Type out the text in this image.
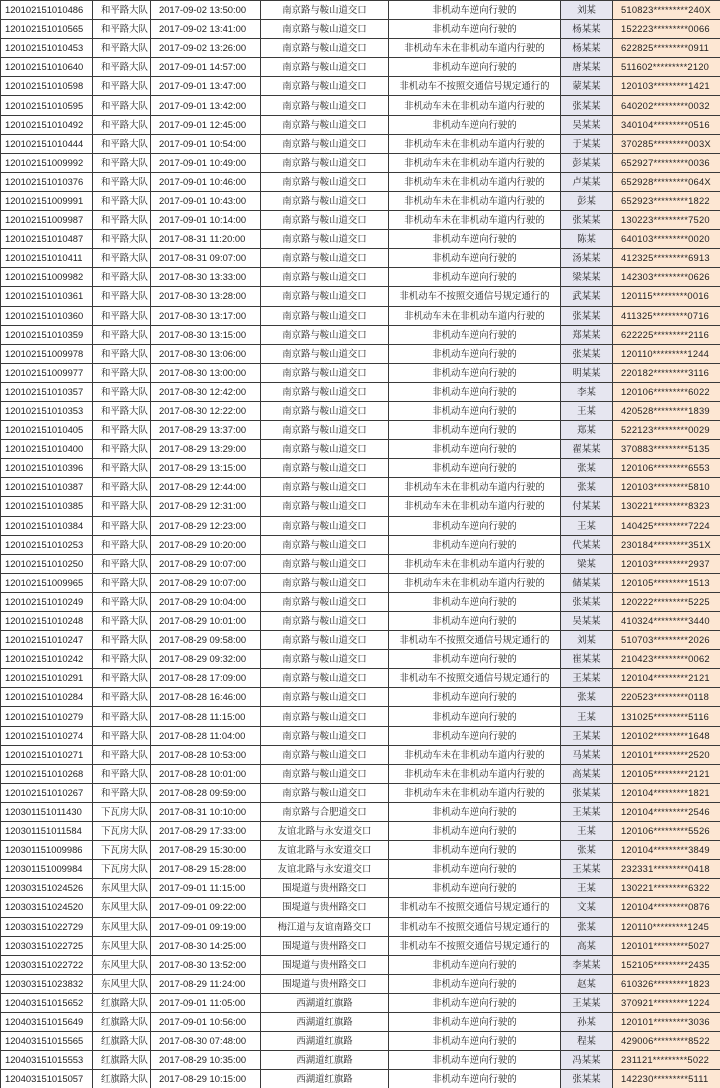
120102151010486	和平路大队	2017-09-02 13:50:00	南京路与鞍山道交口	非机动车逆向行驶的	刘某	510823*********240X
120102151010565	和平路大队	2017-09-02 13:41:00	南京路与鞍山道交口	非机动车逆向行驶的	杨某某	152223*********0066
120102151010453	和平路大队	2017-09-02 13:26:00	南京路与鞍山道交口	非机动车未在非机动车道内行驶的	杨某某	622825*********0911
120102151010640	和平路大队	2017-09-01 14:57:00	南京路与鞍山道交口	非机动车逆向行驶的	唐某某	511602*********2120
120102151010598	和平路大队	2017-09-01 13:47:00	南京路与鞍山道交口	非机动车不按照交通信号规定通行的	蒙某某	120103*********1421
120102151010595	和平路大队	2017-09-01 13:42:00	南京路与鞍山道交口	非机动车未在非机动车道内行驶的	张某某	640202*********0032
120102151010492	和平路大队	2017-09-01 12:45:00	南京路与鞍山道交口	非机动车逆向行驶的	吴某某	340104*********0516
120102151010444	和平路大队	2017-09-01 10:54:00	南京路与鞍山道交口	非机动车未在非机动车道内行驶的	于某某	370285*********003X
120102151009992	和平路大队	2017-09-01 10:49:00	南京路与鞍山道交口	非机动车未在非机动车道内行驶的	彭某某	652927*********0036
120102151010376	和平路大队	2017-09-01 10:46:00	南京路与鞍山道交口	非机动车未在非机动车道内行驶的	卢某某	652928*********064X
120102151009991	和平路大队	2017-09-01 10:43:00	南京路与鞍山道交口	非机动车未在非机动车道内行驶的	彭某	652923*********1822
120102151009987	和平路大队	2017-09-01 10:14:00	南京路与鞍山道交口	非机动车未在非机动车道内行驶的	张某某	130223*********7520
120102151010487	和平路大队	2017-08-31 11:20:00	南京路与鞍山道交口	非机动车逆向行驶的	陈某	640103*********0020
120102151010411	和平路大队	2017-08-31 09:07:00	南京路与鞍山道交口	非机动车逆向行驶的	汤某某	412325*********6913
120102151009982	和平路大队	2017-08-30 13:33:00	南京路与鞍山道交口	非机动车逆向行驶的	梁某某	142303*********0626
120102151010361	和平路大队	2017-08-30 13:28:00	南京路与鞍山道交口	非机动车不按照交通信号规定通行的	武某某	120115*********0016
120102151010360	和平路大队	2017-08-30 13:17:00	南京路与鞍山道交口	非机动车未在非机动车道内行驶的	张某某	411325*********0716
120102151010359	和平路大队	2017-08-30 13:15:00	南京路与鞍山道交口	非机动车逆向行驶的	郑某某	622225*********2116
120102151009978	和平路大队	2017-08-30 13:06:00	南京路与鞍山道交口	非机动车逆向行驶的	张某某	120110*********1244
120102151009977	和平路大队	2017-08-30 13:00:00	南京路与鞍山道交口	非机动车逆向行驶的	明某某	220182*********3116
120102151010357	和平路大队	2017-08-30 12:42:00	南京路与鞍山道交口	非机动车逆向行驶的	李某	120106*********6022
120102151010353	和平路大队	2017-08-30 12:22:00	南京路与鞍山道交口	非机动车逆向行驶的	王某	420528*********1839
120102151010405	和平路大队	2017-08-29 13:37:00	南京路与鞍山道交口	非机动车逆向行驶的	郑某	522123*********0029
120102151010400	和平路大队	2017-08-29 13:29:00	南京路与鞍山道交口	非机动车逆向行驶的	翟某某	370883*********5135
120102151010396	和平路大队	2017-08-29 13:15:00	南京路与鞍山道交口	非机动车逆向行驶的	张某	120106*********6553
120102151010387	和平路大队	2017-08-29 12:44:00	南京路与鞍山道交口	非机动车未在非机动车道内行驶的	张某	120103*********5810
120102151010385	和平路大队	2017-08-29 12:31:00	南京路与鞍山道交口	非机动车未在非机动车道内行驶的	付某某	130221*********8323
120102151010384	和平路大队	2017-08-29 12:23:00	南京路与鞍山道交口	非机动车逆向行驶的	王某	140425*********7224
120102151010253	和平路大队	2017-08-29 10:20:00	南京路与鞍山道交口	非机动车逆向行驶的	代某某	230184*********351X
120102151010250	和平路大队	2017-08-29 10:07:00	南京路与鞍山道交口	非机动车未在非机动车道内行驶的	梁某	120103*********2937
120102151009965	和平路大队	2017-08-29 10:07:00	南京路与鞍山道交口	非机动车未在非机动车道内行驶的	储某某	120105*********1513
120102151010249	和平路大队	2017-08-29 10:04:00	南京路与鞍山道交口	非机动车逆向行驶的	张某某	120222*********5225
120102151010248	和平路大队	2017-08-29 10:01:00	南京路与鞍山道交口	非机动车逆向行驶的	吴某某	410324*********3440
120102151010247	和平路大队	2017-08-29 09:58:00	南京路与鞍山道交口	非机动车不按照交通信号规定通行的	刘某	510703*********2026
120102151010242	和平路大队	2017-08-29 09:32:00	南京路与鞍山道交口	非机动车逆向行驶的	崔某某	210423*********0062
120102151010291	和平路大队	2017-08-28 17:09:00	南京路与鞍山道交口	非机动车不按照交通信号规定通行的	王某某	120104*********2121
120102151010284	和平路大队	2017-08-28 16:46:00	南京路与鞍山道交口	非机动车逆向行驶的	张某	220523*********0118
120102151010279	和平路大队	2017-08-28 11:15:00	南京路与鞍山道交口	非机动车逆向行驶的	王某	131025*********5116
120102151010274	和平路大队	2017-08-28 11:04:00	南京路与鞍山道交口	非机动车逆向行驶的	王某某	120102*********1648
120102151010271	和平路大队	2017-08-28 10:53:00	南京路与鞍山道交口	非机动车未在非机动车道内行驶的	马某某	120101*********2520
120102151010268	和平路大队	2017-08-28 10:01:00	南京路与鞍山道交口	非机动车未在非机动车道内行驶的	高某某	120105*********2121
120102151010267	和平路大队	2017-08-28 09:59:00	南京路与鞍山道交口	非机动车未在非机动车道内行驶的	张某某	120104*********1821
120301151011430	下瓦房大队	2017-08-31 10:10:00	南京路与合肥道交口	非机动车逆向行驶的	王某某	120104*********2546
120301151011584	下瓦房大队	2017-08-29 17:33:00	友谊北路与永安道交口	非机动车逆向行驶的	王某	120106*********5526
120301151009986	下瓦房大队	2017-08-29 15:30:00	友谊北路与永安道交口	非机动车逆向行驶的	张某	120104*********3849
120301151009984	下瓦房大队	2017-08-29 15:28:00	友谊北路与永安道交口	非机动车逆向行驶的	王某某	232331*********0418
120303151024526	东风里大队	2017-09-01 11:15:00	围堤道与贵州路交口	非机动车逆向行驶的	王某	130221*********6322
120303151024520	东风里大队	2017-09-01 09:22:00	围堤道与贵州路交口	非机动车不按照交通信号规定通行的	文某	120104*********0876
120303151022729	东风里大队	2017-09-01 09:19:00	梅江道与友谊南路交口	非机动车不按照交通信号规定通行的	张某	120110*********1245
120303151022725	东风里大队	2017-08-30 14:25:00	围堤道与贵州路交口	非机动车不按照交通信号规定通行的	高某	120101*********5027
120303151022722	东风里大队	2017-08-30 13:52:00	围堤道与贵州路交口	非机动车逆向行驶的	李某某	152105*********2435
120303151023832	东风里大队	2017-08-29 11:24:00	围堤道与贵州路交口	非机动车逆向行驶的	赵某	610326*********1823
120403151015652	红旗路大队	2017-09-01 11:05:00	西湖道红旗路	非机动车逆向行驶的	王某某	370921*********1224
120403151015649	红旗路大队	2017-09-01 10:56:00	西湖道红旗路	非机动车逆向行驶的	孙某	120101*********3036
120403151015565	红旗路大队	2017-08-30 07:48:00	西湖道红旗路	非机动车逆向行驶的	程某	429006*********8522
120403151015553	红旗路大队	2017-08-29 10:35:00	西湖道红旗路	非机动车逆向行驶的	冯某某	231121*********5022
120403151015057	红旗路大队	2017-08-29 10:15:00	西湖道红旗路	非机动车逆向行驶的	张某某	142230*********5111
